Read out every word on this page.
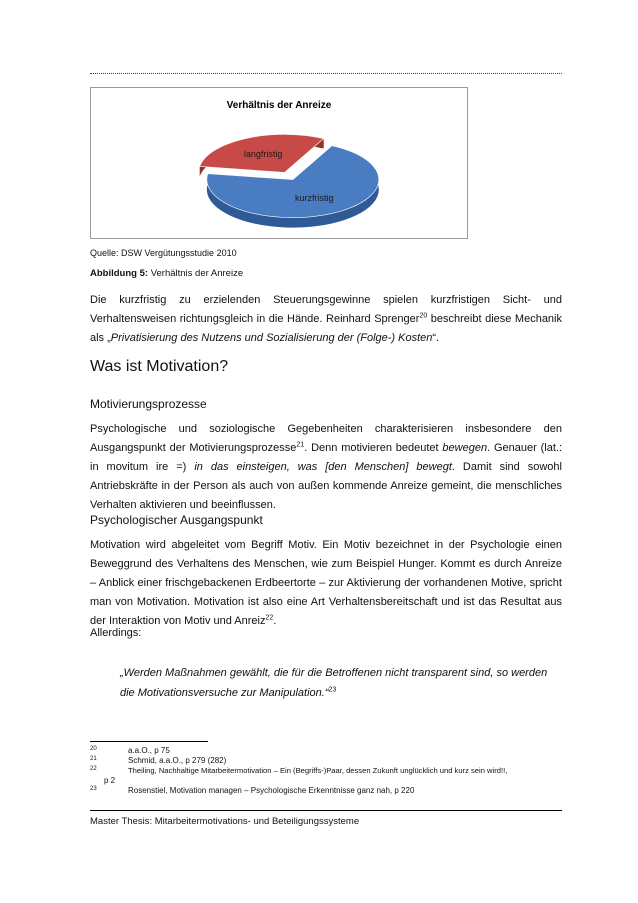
Verhältnis der Anreize
kurzfristig
langfristig
Quelle: DSW Vergütungsstudie 2010
Abbildung 5: Verhältnis der Anreize
Die kurzfristig zu erzielenden Steuerungsgewinne spielen kurzfristigen Sicht- und Verhaltensweisen richtungsgleich in die Hände. Reinhard Sprenger$^{20}$ beschreibt diese Mechanik als „Privatisierung des Nutzens und Sozialisierung der (Folge-) Kosten“.
Was ist Motivation?
Motivierungsprozesse
Psychologische und soziologische Gegebenheiten charakterisieren insbesondere den Ausgangspunkt der Motivierungsprozesse$^{21}$. Denn motivieren bedeutet bewegen. Genauer (lat.: in movitum ire =) in das einsteigen, was [den Menschen] bewegt. Damit sind sowohl Antriebskräfte in der Person als auch von außen kommende Anreize gemeint, die menschliches Verhalten aktivieren und beeinflussen.
Psychologischer Ausgangspunkt
Motivation wird abgeleitet vom Begriff Motiv. Ein Motiv bezeichnet in der Psychologie einen Beweggrund des Verhaltens des Menschen, wie zum Beispiel Hunger. Kommt es durch Anreize – Anblick einer frischgebackenen Erdbeertorte – zur Aktivierung der vorhandenen Motive, spricht man von Motivation. Motivation ist also eine Art Verhaltensbereitschaft und ist das Resultat aus der Interaktion von Motiv und Anreiz$^{22}$.
Allerdings:
„Werden Maßnahmen gewählt, die für die Betroffenen nicht transparent sind, so werden die Motivationsversuche zur Manipulation.“$^{23}$
20	a.a.O., p 75
21	Schmid, a.a.O., p 279 (282)
22	Theiling, Nachhaltige Mitarbeitermotivation – Ein (Begriffs-)Paar, dessen Zukunft unglücklich und kurz sein wird!!,
p 2
23	Rosenstiel, Motivation managen – Psychologische Erkenntnisse ganz nah, p 220
Master Thesis: Mitarbeitermotivations- und Beteiligungssysteme
